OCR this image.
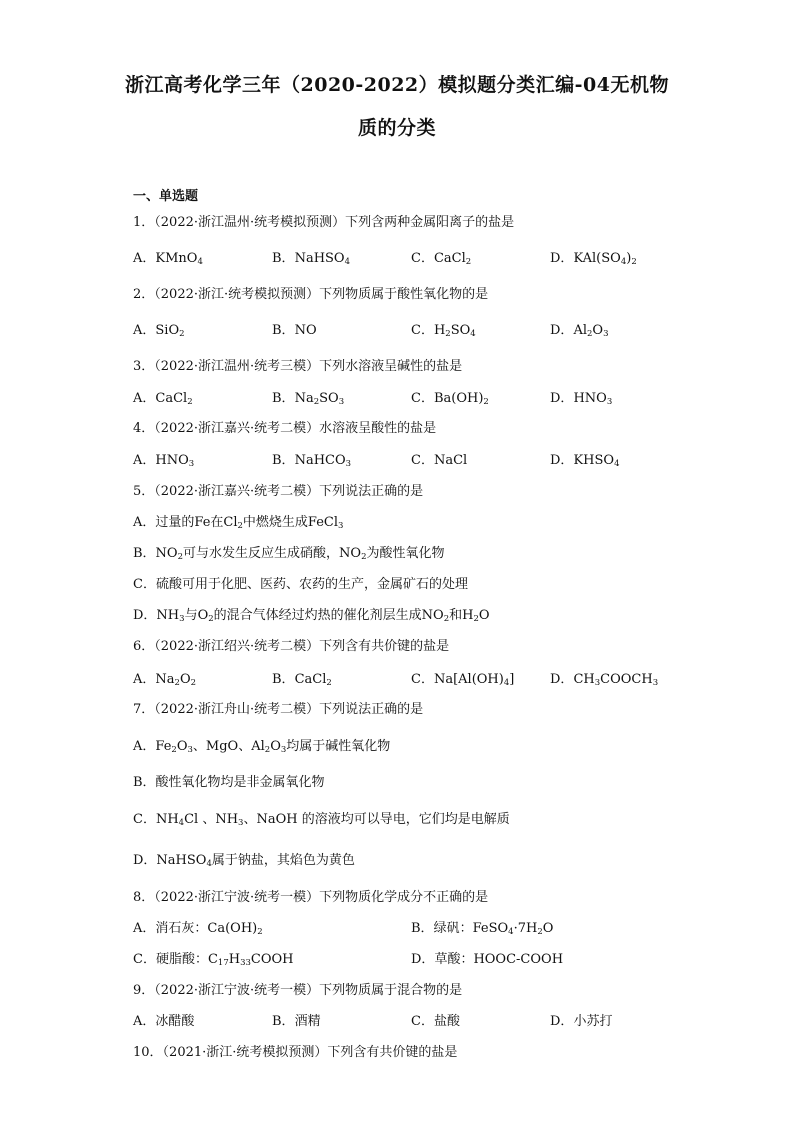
浙江高考化学三年（2020-2022）模拟题分类汇编-04无机物
质的分类
一、单选题
1．（2022·浙江温州·统考模拟预测）下列含两种金属阳离子的盐是
A．KMnO$_4$	B．NaHSO$_4$	C．CaCl$_2$	D．$KAl(SO_4)_2$
2．（2022·浙江·统考模拟预测）下列物质属于酸性氧化物的是
A．SiO$_2$	B．NO	C．$H_2SO_4$	D．$Al_2O_3$
3．（2022·浙江温州·统考三模）下列水溶液呈碱性的盐是
A．CaCl$_2$	B．$Na_2SO_3$	C．$Ba(OH)_2$	D．$HNO_3$
4．（2022·浙江嘉兴·统考二模）水溶液呈酸性的盐是
A．$HNO_3$	B．NaHCO$_3$	C．NaCl	D．$KHSO_4$
5．（2022·浙江嘉兴·统考二模）下列说法正确的是
A．过量的Fe在$Cl_2$中燃烧生成FeCl$_3$
B．$NO_2$可与水发生反应生成硝酸，$NO_2$为酸性氧化物
C．硫酸可用于化肥、医药、农药的生产，金属矿石的处理
D．$NH_3$与$O_2$的混合气体经过灼热的催化剂层生成$NO_2$和$H_2O$
6．（2022·浙江绍兴·统考二模）下列含有共价键的盐是
A．$Na_2O_2$	B．CaCl$_2$	C．$Na[Al(OH)_4]$	D．$CH_3COOCH_3$
7．（2022·浙江舟山·统考二模）下列说法正确的是
A．$Fe_2O_3$、MgO、$Al_2O_3$均属于碱性氧化物
B．酸性氧化物均是非金属氧化物
C．$NH_4Cl$ 、$NH_3$、NaOH 的溶液均可以导电，它们均是电解质
D．NaHSO$_4$属于钠盐，其焰色为黄色
8．（2022·浙江宁波·统考一模）下列物质化学成分不正确的是
A．消石灰：$Ca(OH)_2$	B．绿矾：$FeSO_4\cdot 7H_2O$
C．硬脂酸：$C_{17}H_{33}COOH$	D．草酸：HOOC-COOH
9．（2022·浙江宁波·统考一模）下列物质属于混合物的是
A．冰醋酸	B．酒精	C．盐酸	D．小苏打
10．（2021·浙江·统考模拟预测）下列含有共价键的盐是
